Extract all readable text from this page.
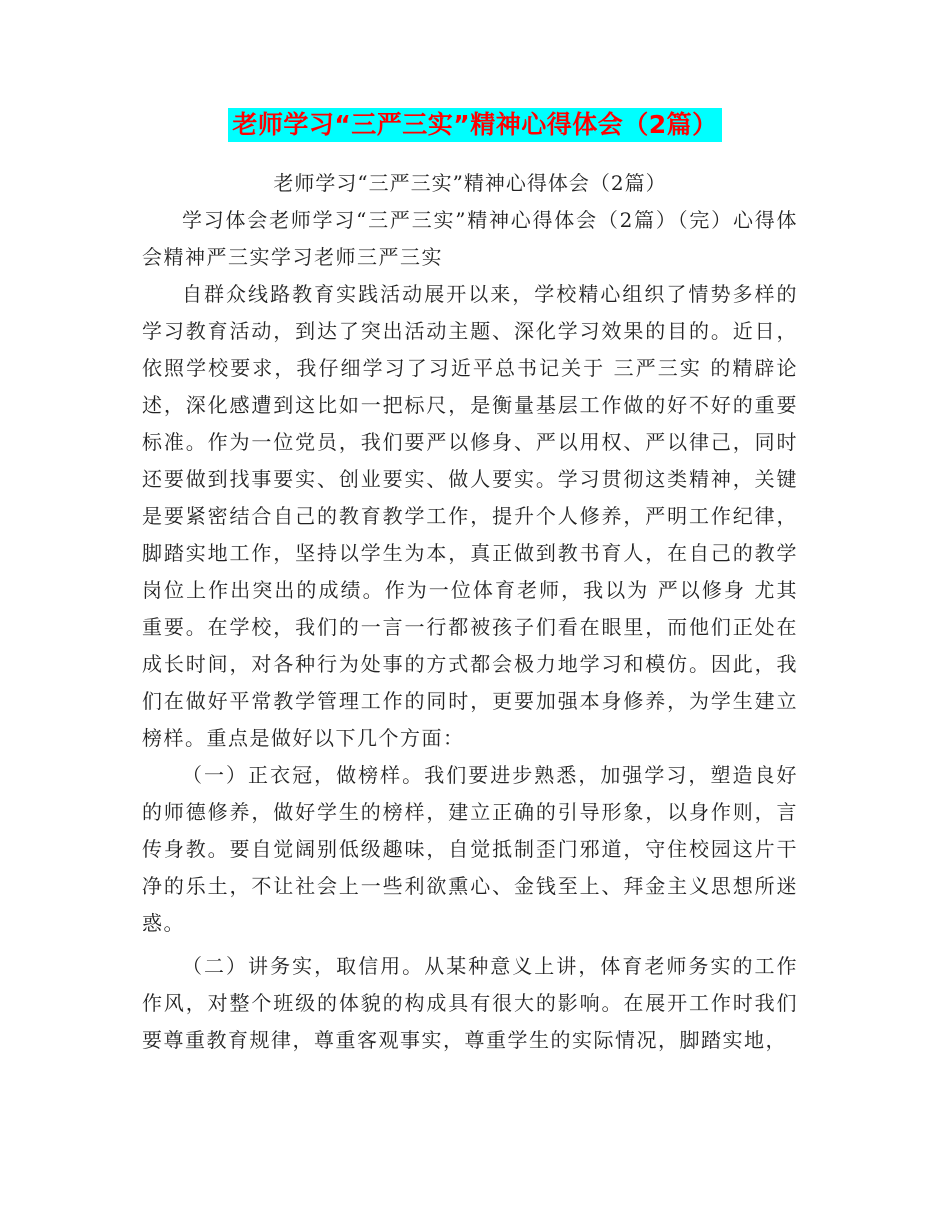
老师学习“三严三实”精神心得体会（2篇）

老师学习“三严三实”精神心得体会（2篇）

学习体会老师学习“三严三实”精神心得体会（2篇）（完）心得体会精神严三实学习老师三严三实

自群众线路教育实践活动展开以来，学校精心组织了情势多样的学习教育活动，到达了突出活动主题、深化学习效果的目的。近日，依照学校要求，我仔细学习了习近平总书记关于 三严三实 的精辟论述，深化感遭到这比如一把标尺，是衡量基层工作做的好不好的重要标准。作为一位党员，我们要严以修身、严以用权、严以律己，同时还要做到找事要实、创业要实、做人要实。学习贯彻这类精神，关键是要紧密结合自己的教育教学工作，提升个人修养，严明工作纪律，脚踏实地工作，坚持以学生为本，真正做到教书育人，在自己的教学岗位上作出突出的成绩。作为一位体育老师，我以为 严以修身 尤其重要。在学校，我们的一言一行都被孩子们看在眼里，而他们正处在成长时间，对各种行为处事的方式都会极力地学习和模仿。因此，我们在做好平常教学管理工作的同时，更要加强本身修养，为学生建立榜样。重点是做好以下几个方面：

（一）正衣冠，做榜样。我们要进步熟悉，加强学习，塑造良好的师德修养，做好学生的榜样，建立正确的引导形象，以身作则，言传身教。要自觉阔别低级趣味，自觉抵制歪门邪道，守住校园这片干净的乐土，不让社会上一些利欲熏心、金钱至上、拜金主义思想所迷惑。

（二）讲务实，取信用。从某种意义上讲，体育老师务实的工作作风，对整个班级的体貌的构成具有很大的影响。在展开工作时我们要尊重教育规律，尊重客观事实，尊重学生的实际情况，脚踏实地，
